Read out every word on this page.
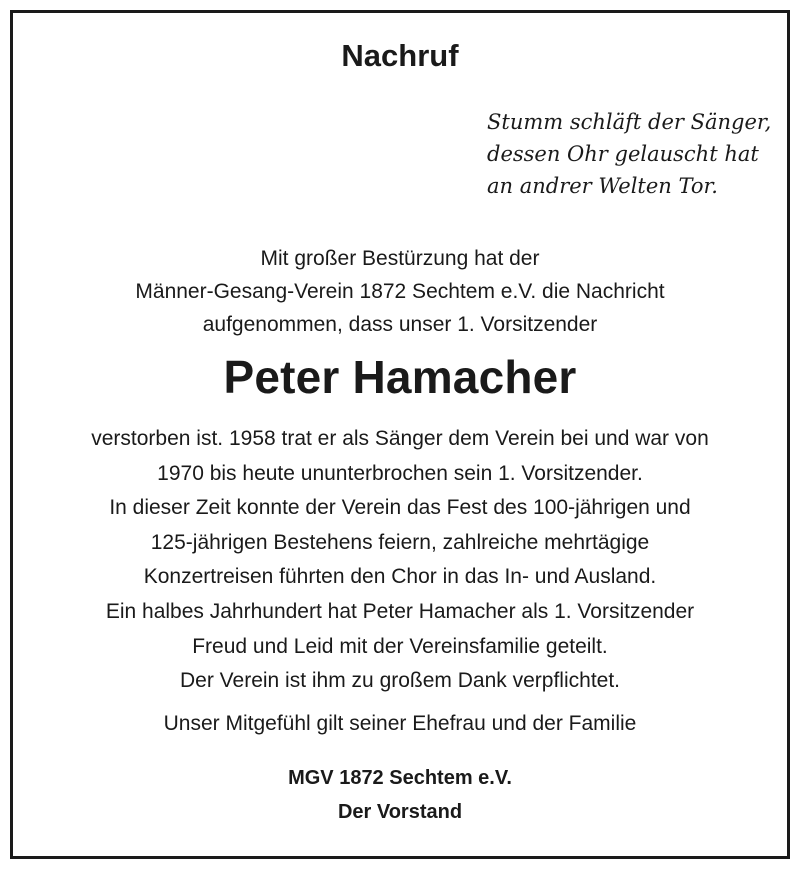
Nachruf
Stumm schläft der Sänger,
dessen Ohr gelauscht hat
an andrer Welten Tor.
Mit großer Bestürzung hat der
Männer-Gesang-Verein 1872 Sechtem e.V. die Nachricht
aufgenommen, dass unser 1. Vorsitzender
Peter Hamacher
verstorben ist. 1958 trat er als Sänger dem Verein bei und war von
1970 bis heute ununterbrochen sein 1. Vorsitzender.
In dieser Zeit konnte der Verein das Fest des 100-jährigen und
125-jährigen Bestehens feiern, zahlreiche mehrtägige
Konzertreisen führten den Chor in das In- und Ausland.
Ein halbes Jahrhundert hat Peter Hamacher als 1. Vorsitzender
Freud und Leid mit der Vereinsfamilie geteilt.
Der Verein ist ihm zu großem Dank verpflichtet.
Unser Mitgefühl gilt seiner Ehefrau und der Familie
MGV 1872 Sechtem e.V.
Der Vorstand
